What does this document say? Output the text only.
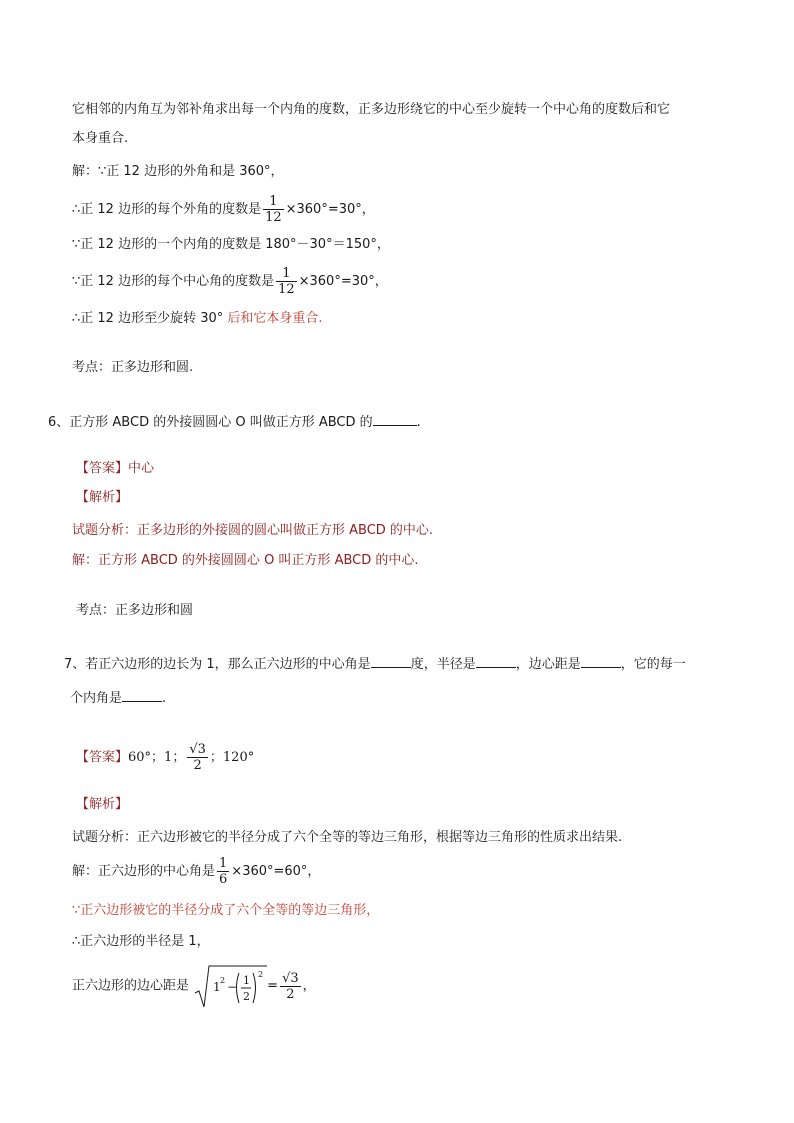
它相邻的内角互为邻补角求出每一个内角的度数，正多边形绕它的中心至少旋转一个中心角的度数后和它
本身重合.
解：∵正 12 边形的外角和是 360°，
∴正 12 边形的每个外角的度数是 $\frac{1}{12} \times 360^\circ=30^\circ$，
∵正 12 边形的一个内角的度数是 180°－30°＝150°，
∵正 12 边形的每个中心角的度数是 $\frac{1}{12} \times 360^\circ=30^\circ$，
∴正 12 边形至少旋转 30° 后和它本身重合.
考点：正多边形和圆.
6、正方形 ABCD 的外接圆圆心 O 叫做正方形 ABCD 的	.
【答案】中心
【解析】
试题分析：正多边形的外接圆的圆心叫做正方形 ABCD 的中心.
解：正方形 ABCD 的外接圆圆心 O 叫正方形 ABCD 的中心.
考点：正多边形和圆
7、若正六边形的边长为 1，那么正六边形的中心角是	度，半径是	，边心距是	，它的每一
个内角是	.
【答案】60°；1； $\frac{√3}{2}$ ；120°
【解析】
试题分析：正六边形被它的半径分成了六个全等的等边三角形，根据等边三角形的性质求出结果.
解：正六边形的中心角是 $\frac{1}{6} \times 360^\circ=60^\circ$，
∵正六边形被它的半径分成了六个全等的等边三角形，
∴正六边形的半径是 1，
正六边形的边心距是 1 2 − 1
2
2
= $\frac{√3}{2}$ ，
